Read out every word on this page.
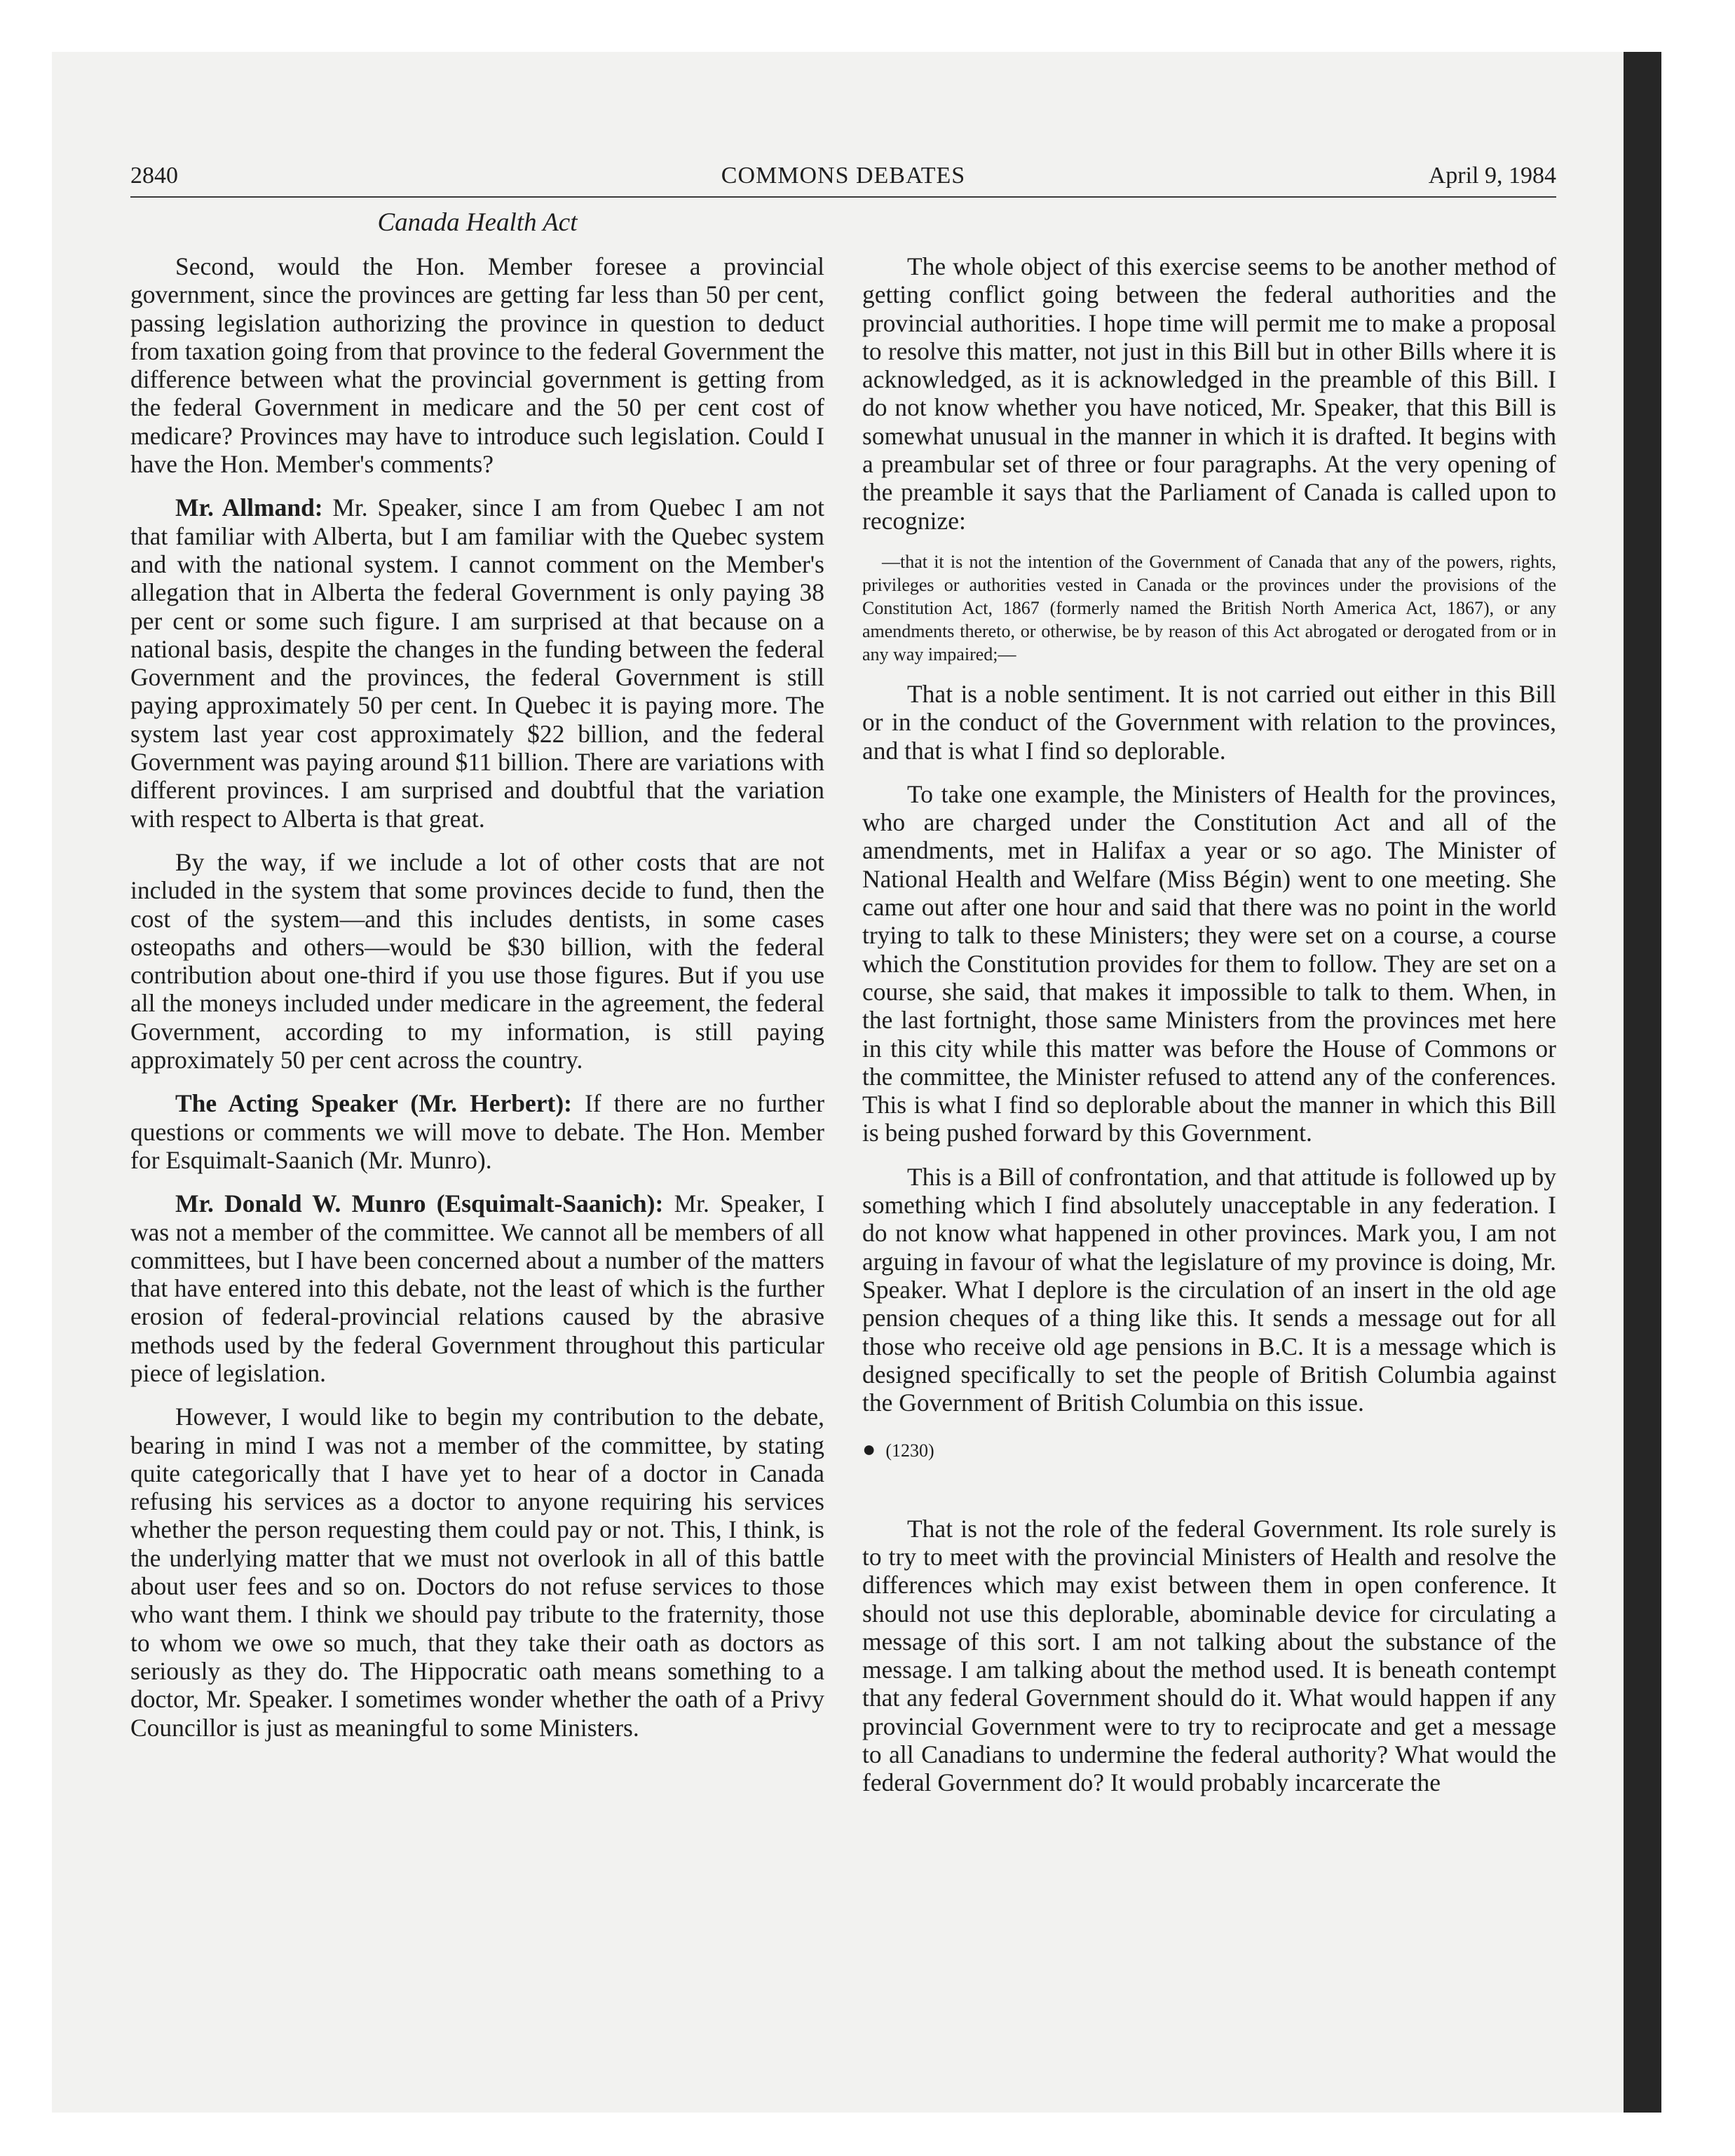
2840	COMMONS DEBATES	April 9, 1984
Canada Health Act

Second, would the Hon. Member foresee a provincial government, since the provinces are getting far less than 50 per cent, passing legislation authorizing the province in question to deduct from taxation going from that province to the federal Government the difference between what the provincial government is getting from the federal Government in medicare and the 50 per cent cost of medicare? Provinces may have to introduce such legislation. Could I have the Hon. Member's comments?

Mr. Allmand: Mr. Speaker, since I am from Quebec I am not that familiar with Alberta, but I am familiar with the Quebec system and with the national system. I cannot comment on the Member's allegation that in Alberta the federal Government is only paying 38 per cent or some such figure. I am surprised at that because on a national basis, despite the changes in the funding between the federal Government and the provinces, the federal Government is still paying approximately 50 per cent. In Quebec it is paying more. The system last year cost approximately $22 billion, and the federal Government was paying around $11 billion. There are variations with different provinces. I am surprised and doubtful that the variation with respect to Alberta is that great.

By the way, if we include a lot of other costs that are not included in the system that some provinces decide to fund, then the cost of the system—and this includes dentists, in some cases osteopaths and others—would be $30 billion, with the federal contribution about one-third if you use those figures. But if you use all the moneys included under medicare in the agreement, the federal Government, according to my information, is still paying approximately 50 per cent across the country.

The Acting Speaker (Mr. Herbert): If there are no further questions or comments we will move to debate. The Hon. Member for Esquimalt-Saanich (Mr. Munro).

Mr. Donald W. Munro (Esquimalt-Saanich): Mr. Speaker, I was not a member of the committee. We cannot all be members of all committees, but I have been concerned about a number of the matters that have entered into this debate, not the least of which is the further erosion of federal-provincial relations caused by the abrasive methods used by the federal Government throughout this particular piece of legislation.

However, I would like to begin my contribution to the debate, bearing in mind I was not a member of the committee, by stating quite categorically that I have yet to hear of a doctor in Canada refusing his services as a doctor to anyone requiring his services whether the person requesting them could pay or not. This, I think, is the underlying matter that we must not overlook in all of this battle about user fees and so on. Doctors do not refuse services to those who want them. I think we should pay tribute to the fraternity, those to whom we owe so much, that they take their oath as doctors as seriously as they do. The Hippocratic oath means something to a doctor, Mr. Speaker. I sometimes wonder whether the oath of a Privy Councillor is just as meaningful to some Ministers.

The whole object of this exercise seems to be another method of getting conflict going between the federal authorities and the provincial authorities. I hope time will permit me to make a proposal to resolve this matter, not just in this Bill but in other Bills where it is acknowledged, as it is acknowledged in the preamble of this Bill. I do not know whether you have noticed, Mr. Speaker, that this Bill is somewhat unusual in the manner in which it is drafted. It begins with a preambular set of three or four paragraphs. At the very opening of the preamble it says that the Parliament of Canada is called upon to recognize:

—that it is not the intention of the Government of Canada that any of the powers, rights, privileges or authorities vested in Canada or the provinces under the provisions of the Constitution Act, 1867 (formerly named the British North America Act, 1867), or any amendments thereto, or otherwise, be by reason of this Act abrogated or derogated from or in any way impaired;—

That is a noble sentiment. It is not carried out either in this Bill or in the conduct of the Government with relation to the provinces, and that is what I find so deplorable.

To take one example, the Ministers of Health for the provinces, who are charged under the Constitution Act and all of the amendments, met in Halifax a year or so ago. The Minister of National Health and Welfare (Miss Bégin) went to one meeting. She came out after one hour and said that there was no point in the world trying to talk to these Ministers; they were set on a course, a course which the Constitution provides for them to follow. They are set on a course, she said, that makes it impossible to talk to them. When, in the last fortnight, those same Ministers from the provinces met here in this city while this matter was before the House of Commons or the committee, the Minister refused to attend any of the conferences. This is what I find so deplorable about the manner in which this Bill is being pushed forward by this Government.

This is a Bill of confrontation, and that attitude is followed up by something which I find absolutely unacceptable in any federation. I do not know what happened in other provinces. Mark you, I am not arguing in favour of what the legislature of my province is doing, Mr. Speaker. What I deplore is the circulation of an insert in the old age pension cheques of a thing like this. It sends a message out for all those who receive old age pensions in B.C. It is a message which is designed specifically to set the people of British Columbia against the Government of British Columbia on this issue.

● (1230)

That is not the role of the federal Government. Its role surely is to try to meet with the provincial Ministers of Health and resolve the differences which may exist between them in open conference. It should not use this deplorable, abominable device for circulating a message of this sort. I am not talking about the substance of the message. I am talking about the method used. It is beneath contempt that any federal Government should do it. What would happen if any provincial Government were to try to reciprocate and get a message to all Canadians to undermine the federal authority? What would the federal Government do? It would probably incarcerate the
